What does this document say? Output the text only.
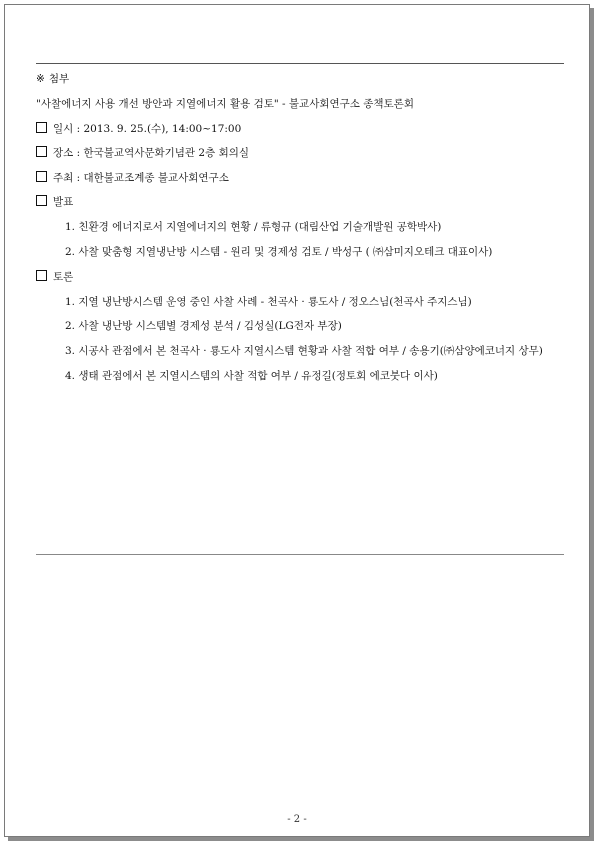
※ 첨부
"사찰에너지 사용 개선 방안과 지열에너지 활용 검토" - 불교사회연구소 종책토론회
일시 : 2013. 9. 25.(수), 14:00~17:00
장소 : 한국불교역사문화기념관 2층 회의실
주최 : 대한불교조계종 불교사회연구소
발표
1. 친환경 에너지로서 지열에너지의 현황 / 류형규 (대림산업 기술개발원 공학박사)
2. 사찰 맞춤형 지열냉난방 시스템 - 원리 및 경제성 검토 / 박성구 ( ㈜삼미지오테크 대표이사)
토론
1. 지열 냉난방시스템 운영 중인 사찰 사례 - 천곡사 · 룡도사 / 정오스님(천곡사 주지스님)
2. 사찰 냉난방 시스템별 경제성 분석 / 김성실(LG전자 부장)
3. 시공사 관점에서 본 천곡사 · 룡도사 지열시스템 현황과 사찰 적합 여부 / 송용기(㈜삼양에코너지 상무)
4. 생태 관점에서 본 지열시스템의 사찰 적합 여부 / 유정길(정토회 에코붓다 이사)
- 2 -
